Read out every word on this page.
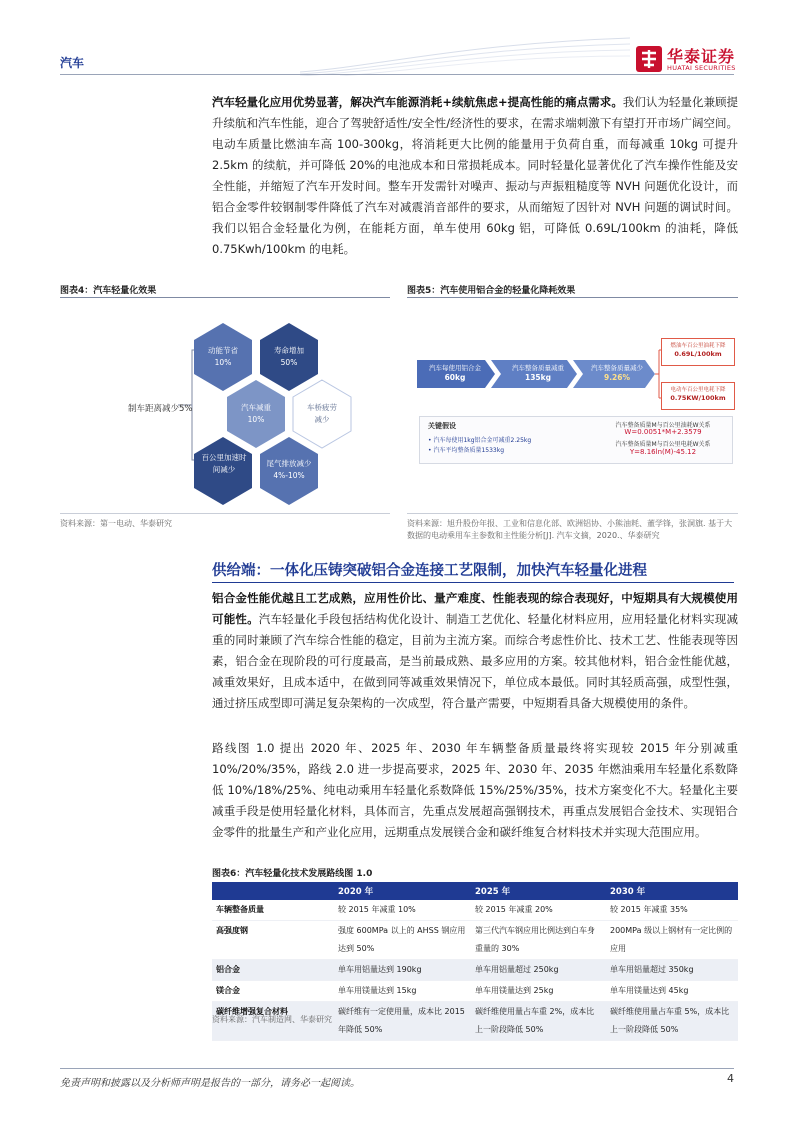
汽车	华泰证券
HUATAI SECURITIES
汽车轻量化应用优势显著，解决汽车能源消耗+续航焦虑+提高性能的痛点需求。我们认为轻量化兼顾提升续航和汽车性能，迎合了驾驶舒适性/安全性/经济性的要求，在需求端刺激下有望打开市场广阔空间。电动车质量比燃油车高 100-300kg，将消耗更大比例的能量用于负荷自重，而每减重 10kg 可提升 2.5km 的续航，并可降低 20%的电池成本和日常损耗成本。同时轻量化显著优化了汽车操作性能及安全性能，并缩短了汽车开发时间。整车开发需针对噪声、振动与声振粗糙度等 NVH 问题优化设计，而铝合金零件较钢制零件降低了汽车对减震消音部件的要求，从而缩短了因针对 NVH 问题的调试时间。我们以铝合金轻量化为例，在能耗方面，单车使用 60kg 铝，可降低 0.69L/100km 的油耗，降低 0.75Kwh/100km 的电耗。
图表4：汽车轻量化效果
动能节省
10%
寿命增加
50%
汽车减重
10%
车桥疲劳
减少
百公里加速时间减少
尾气排放减少
4%-10%
制车距离减少5%
资料来源：第一电动、华泰研究
图表5：汽车使用铝合金的轻量化降耗效果
汽车每使用铝合金
60kg
汽车整备质量减重
135kg
汽车整备质量减少
9.26%
燃油车百公里油耗下降
0.69L/100km
电动车百公里电耗下降
0.75KW/100km
关键假设
• 汽车每使用1kg铝合金可减重2.25kg
• 汽车平均整备质量1533kg
汽车整备质量M与百公里油耗W关系
W=0.0051*M+2.3579
汽车整备质量M与百公里电耗W关系
Y=8.16ln(M)-45.12
资料来源：旭升股份年报、工业和信息化部、欧洲铝协、小熊油耗、董学锋，张洞旗. 基于大数据的电动乘用车主参数和主性能分析[J]. 汽车文摘，2020.、华泰研究
供给端：一体化压铸突破铝合金连接工艺限制，加快汽车轻量化进程
铝合金性能优越且工艺成熟，应用性价比、量产难度、性能表现的综合表现好，中短期具有大规模使用可能性。汽车轻量化手段包括结构优化设计、制造工艺优化、轻量化材料应用，应用轻量化材料实现减重的同时兼顾了汽车综合性能的稳定，目前为主流方案。而综合考虑性价比、技术工艺、性能表现等因素，铝合金在现阶段的可行度最高，是当前最成熟、最多应用的方案。较其他材料，铝合金性能优越，减重效果好，且成本适中，在做到同等减重效果情况下，单位成本最低。同时其轻质高强，成型性强，通过挤压成型即可满足复杂架构的一次成型，符合量产需要，中短期看具备大规模使用的条件。
路线图 1.0 提出 2020 年、2025 年、2030 年车辆整备质量最终将实现较 2015 年分别减重 10%/20%/35%，路线 2.0 进一步提高要求，2025 年、2030 年、2035 年燃油乘用车轻量化系数降低 10%/18%/25%、纯电动乘用车轻量化系数降低 15%/25%/35%，技术方案变化不大。轻量化主要减重手段是使用轻量化材料，具体而言，先重点发展超高强钢技术，再重点发展铝合金技术、实现铝合金零件的批量生产和产业化应用，远期重点发展镁合金和碳纤维复合材料技术并实现大范围应用。
图表6：汽车轻量化技术发展路线图 1.0
	2020 年	2025 年	2030 年
车辆整备质量	较 2015 年减重 10%	较 2015 年减重 20%	较 2015 年减重 35%
高强度钢	强度 600MPa 以上的 AHSS 钢应用达到 50%	第三代汽车钢应用比例达到白车身重量的 30%	200MPa 级以上钢材有一定比例的应用
铝合金	单车用铝量达到 190kg	单车用铝量超过 250kg	单车用铝量超过 350kg
镁合金	单车用镁量达到 15kg	单车用镁量达到 25kg	单车用镁量达到 45kg
碳纤维增强复合材料	碳纤维有一定使用量，成本比 2015 年降低 50%	碳纤维使用量占车重 2%，成本比上一阶段降低 50%	碳纤维使用量占车重 5%，成本比上一阶段降低 50%
资料来源：汽车制造网、华泰研究
免责声明和披露以及分析师声明是报告的一部分，请务必一起阅读。	4
